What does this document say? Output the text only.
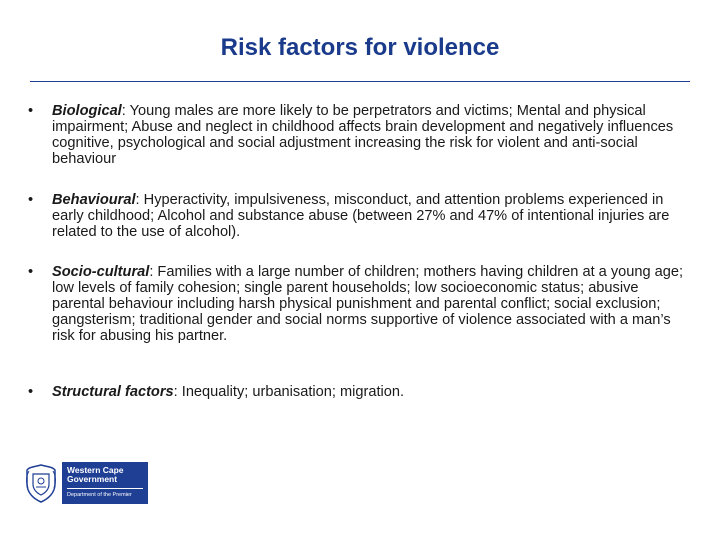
Risk factors for violence
• Biological: Young males are more likely to be perpetrators and victims; Mental and physical impairment; Abuse and neglect in childhood affects brain development and negatively influences cognitive, psychological and social adjustment increasing the risk for violent and anti-social behaviour
• Behavioural: Hyperactivity, impulsiveness, misconduct, and attention problems experienced in early childhood; Alcohol and substance abuse (between 27% and 47% of intentional injuries are related to the use of alcohol).
• Socio-cultural: Families with a large number of children; mothers having children at a young age; low levels of family cohesion; single parent households; low socioeconomic status; abusive parental behaviour including harsh physical punishment and parental conflict; social exclusion; gangsterism; traditional gender and social norms supportive of violence associated with a man’s risk for abusing his partner.
• Structural factors: Inequality; urbanisation; migration.
Western Cape
Government
Department of the Premier
